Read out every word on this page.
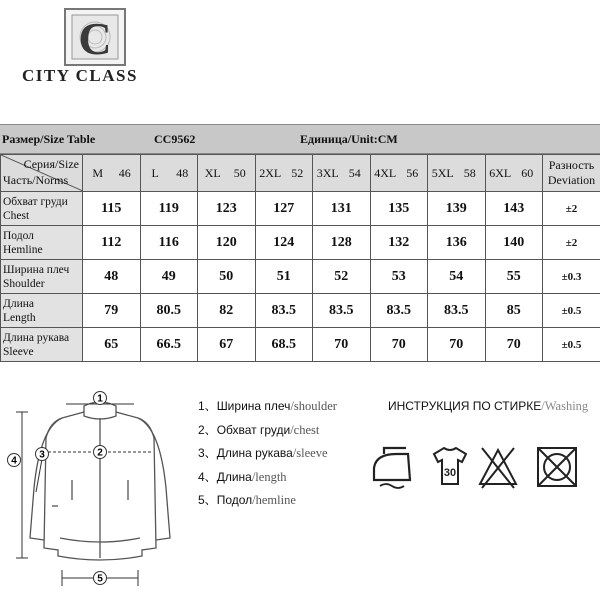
C
CITY CLASS
Размер/Size Table	CC9562	Единица/Unit:CM
Серия/Size
Часть/Norms	M 46	L 48	XL 50	2XL 52	3XL 54	4XL 56	5XL 58	6XL 60	Разность Deviation
Обхват груди
Chest	115	119	123	127	131	135	139	143	±2
Подол
Hemline	112	116	120	124	128	132	136	140	±2
Ширина плеч
Shoulder	48	49	50	51	52	53	54	55	±0.3
Длина
Length	79	80.5	82	83.5	83.5	83.5	83.5	85	±0.5
Длина рукава
Sleeve	65	66.5	67	68.5	70	70	70	70	±0.5
1
2
3
4
5
1、Ширина плеч/shoulder
2、Обхват груди/chest
3、Длина рукава/sleeve
4、Длина/length
5、Подол/hemline
ИНСТРУКЦИЯ ПО СТИРКЕ/Washing
30
